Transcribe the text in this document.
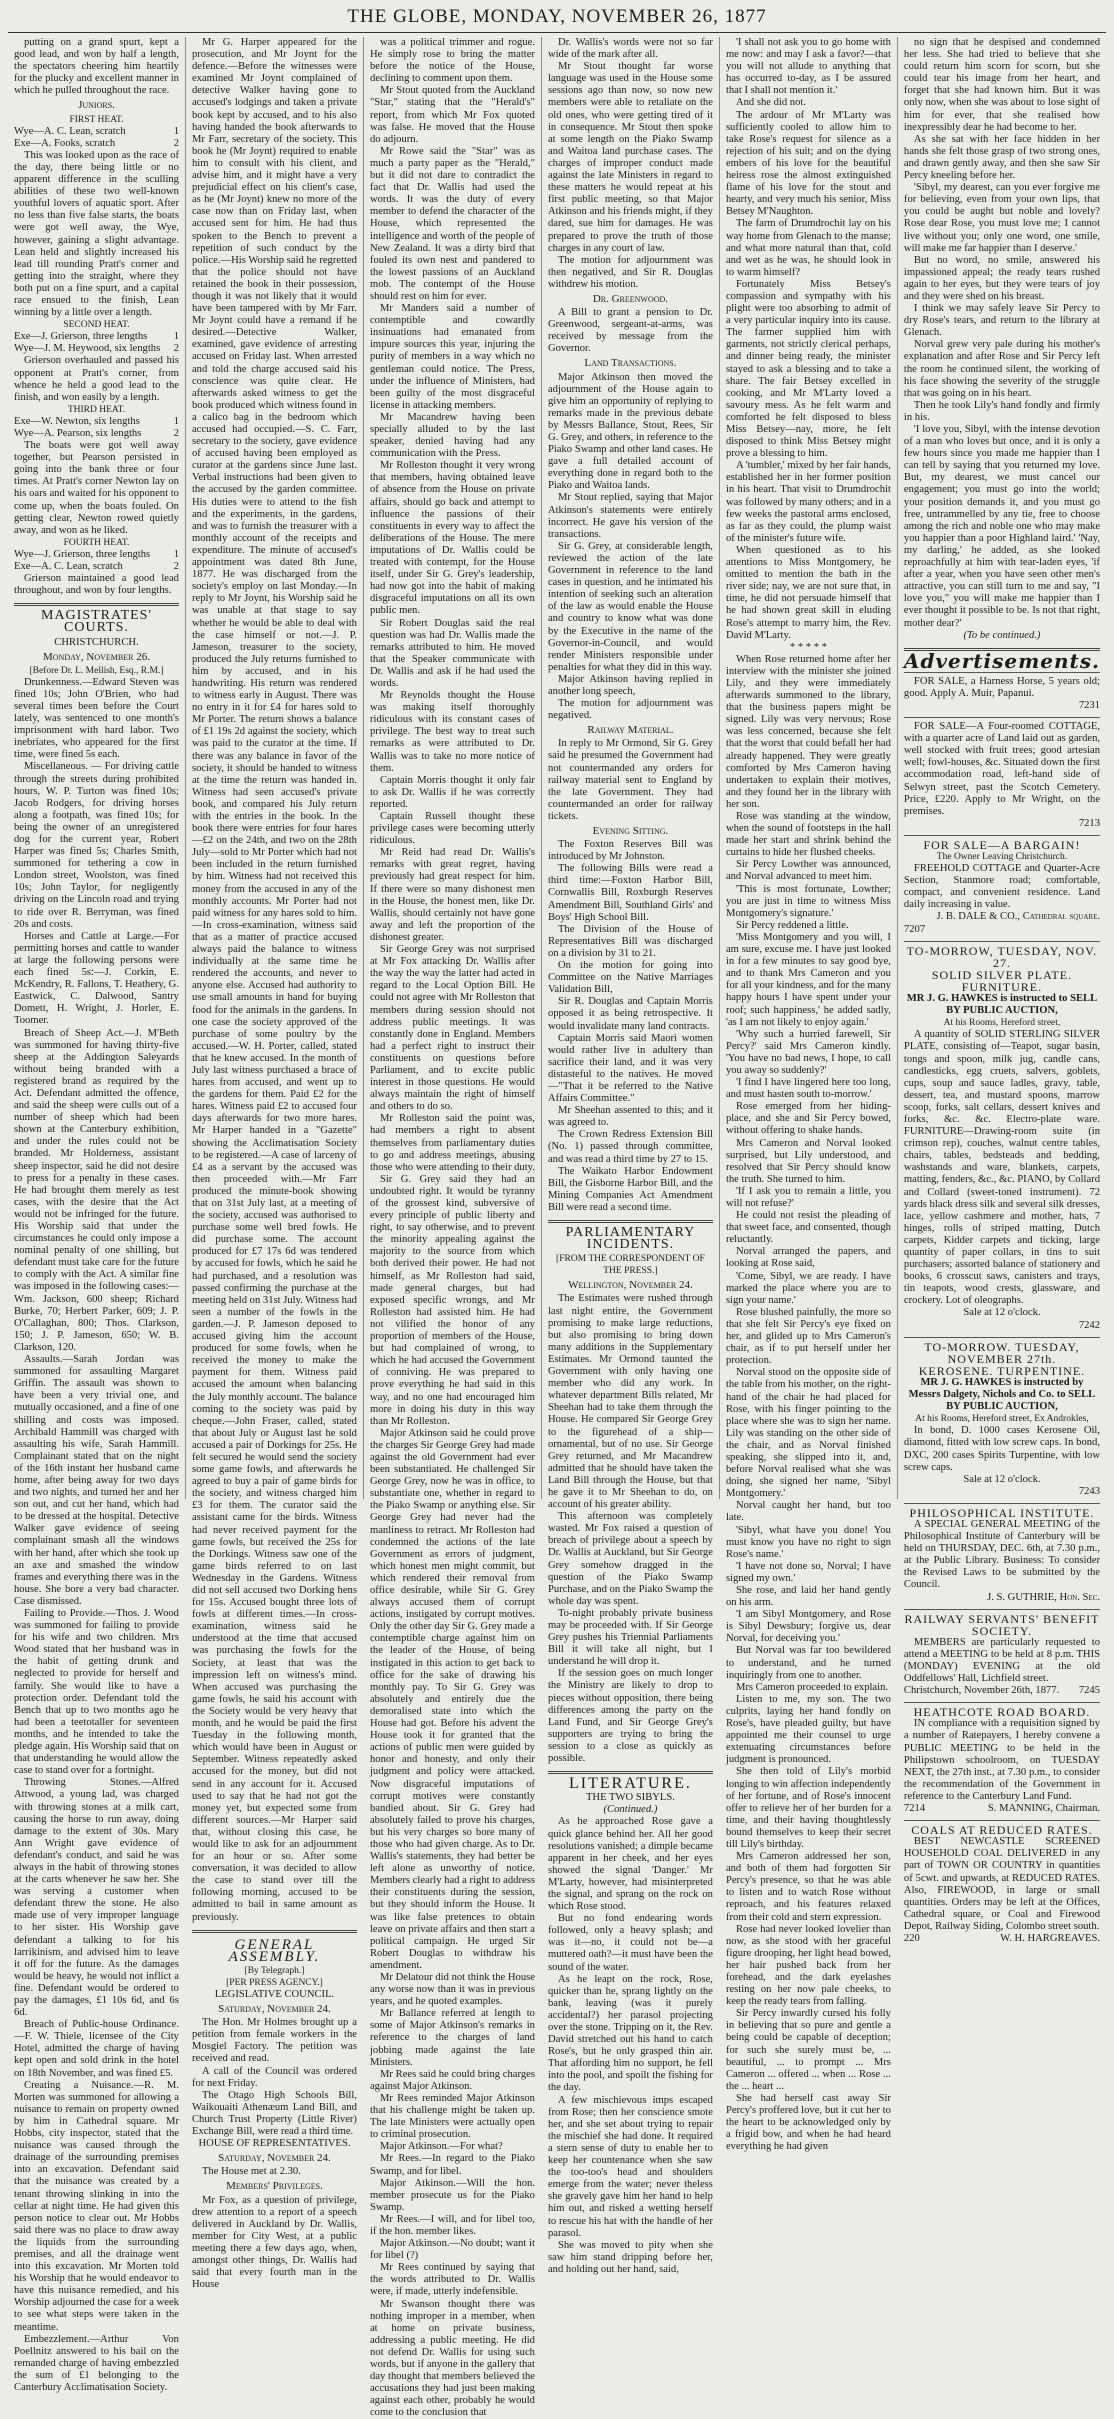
THE GLOBE, MONDAY, NOVEMBER 26, 1877

putting on a grand spurt, kept a good lead, and won by half a length, the spectators cheering him heartily for the plucky and excellent manner in which he pulled throughout the race.

Juniors.
FIRST HEAT.
Wye—A. C. Lean, scratch	1
Exe—A. Fooks, scratch	2

This was looked upon as the race of the day, there being little or no apparent difference in the sculling abilities of these two well-known youthful lovers of aquatic sport. After no less than five false starts, the boats were got well away, the Wye, however, gaining a slight advantage. Lean held and slightly increased his lead till rounding Pratt's corner and getting into the straight, where they both put on a fine spurt, and a capital race ensued to the finish, Lean winning by a little over a length.

SECOND HEAT.
Exe—J. Grierson, three lengths 1
Wye—J. M. Heywood, six lengths 2

Grierson overhauled and passed his opponent at Pratt's corner, from whence he held a good lead to the finish, and won easily by a length.

THIRD HEAT.
Exe—W. Newton, six lengths	1
Wye—A. Pearson, six lengths	2

The boats were got well away together, but Pearson persisted in going into the bank three or four times. At Pratt's corner Newton lay on his oars and waited for his opponent to come up, when the boats fouled. On getting clear, Newton rowed quietly away, and won as he liked.

FOURTH HEAT.
Wye—J. Grierson, three lengths 1
Exe—A. C. Lean, scratch	2

Grierson maintained a good lead throughout, and won by four lengths.

MAGISTRATES' COURTS.
CHRISTCHURCH.
Monday, November 26.
[Before Dr. L. Mellish, Esq., R.M.]

Drunkenness.—Edward Steven was fined 10s; John O'Brien, who had several times been before the Court lately, was sentenced to one month's imprisonment with hard labor. Two inebriates, who appeared for the first time, were fined 5s each.

Miscellaneous. — For driving cattle through the streets during prohibited hours, W. P. Turton was fined 10s; Jacob Rodgers, for driving horses along a footpath, was fined 10s; for being the owner of an unregistered dog for the current year, Robert Harper was fined 5s; Charles Smith, summoned for tethering a cow in London street, Woolston, was fined 10s; John Taylor, for negligently driving on the Lincoln road and trying to ride over R. Berryman, was fined 20s and costs.

Horses and Cattle at Large.—For permitting horses and cattle to wander at large the following persons were each fined 5s:—J. Corkin, E. McKendry, R. Fallons, T. Heathery, G. Eastwick, C. Dalwood, Santry Domett, H. Wright, J. Horler, E. Toomer.

Breach of Sheep Act.—J. M'Beth was summoned for having thirty-five sheep at the Addington Saleyards without being branded with a registered brand as required by the Act. Defendant admitted the offence, and said the sheep were culls out of a number of sheep which had been shown at the Canterbury exhibition, and under the rules could not be branded. Mr Holderness, assistant sheep inspector, said he did not desire to press for a penalty in these cases. He had brought them merely as test cases, with the desire that the Act would not be infringed for the future. His Worship said that under the circumstances he could only impose a nominal penalty of one shilling, but defendant must take care for the future to comply with the Act. A similar fine was imposed in the following cases:—Wm. Jackson, 600 sheep; Richard Burke, 70; Herbert Parker, 609; J. P. O'Callaghan, 800; Thos. Clarkson, 150; J. P. Jameson, 650; W. B. Clarkson, 120.

Assaults.—Sarah Jordan was summoned for assaulting Margaret Griffin. The assault was shown to have been a very trivial one, and mutually occasioned, and a fine of one shilling and costs was imposed. Archibald Hammill was charged with assaulting his wife, Sarah Hammill. Complainant stated that on the night of the 16th instant her husband came home, after being away for two days and two nights, and turned her and her son out, and cut her hand, which had to be dressed at the hospital. Detective Walker gave evidence of seeing complainant smash all the windows with her hand, after which she took up an axe and smashed the window frames and everything there was in the house. She bore a very bad character. Case dismissed.

Failing to Provide.—Thos. J. Wood was summoned for failing to provide for his wife and two children. Mrs Wood stated that her husband was in the habit of getting drunk and neglected to provide for herself and family. She would like to have a protection order. Defendant told the Bench that up to two months ago he had been a teetotaller for seventeen months, and he intended to take the pledge again. His Worship said that on that understanding he would allow the case to stand over for a fortnight.

Throwing Stones.—Alfred Attwood, a young lad, was charged with throwing stones at a milk cart, causing the horse to run away, doing damage to the extent of 30s. Mary Ann Wright gave evidence of defendant's conduct, and said he was always in the habit of throwing stones at the carts whenever he saw her. She was serving a customer when defendant threw the stone. He also made use of very improper language to her sister. His Worship gave defendant a talking to for his larrikinism, and advised him to leave it off for the future. As the damages would be heavy, he would not inflict a fine. Defendant would be ordered to pay the damages, £1 10s 6d, and 6s 6d.

Breach of Public-house Ordinance.—F. W. Thiele, licensee of the City Hotel, admitted the charge of having kept open and sold drink in the hotel on 18th November, and was fined £5.

Creating a Nuisance.—R. M. Morten was summoned for allowing a nuisance to remain on property owned by him in Cathedral square. Mr Hobbs, city inspector, stated that the nuisance was caused through the drainage of the surrounding premises into an excavation. Defendant said that the nuisance was created by a tenant throwing slinking in into the cellar at night time. He had given this person notice to clear out. Mr Hobbs said there was no place to draw away the liquids from the surrounding premises, and all the drainage went into this excavation. Mr Morten told his Worship that he would endeavor to have this nuisance remedied, and his Worship adjourned the case for a week to see what steps were taken in the meantime.

Embezzlement.—Arthur Von Poellnitz answered to his bail on the remanded charge of having embezzled the sum of £1 belonging to the Canterbury Acclimatisation Society.

Mr G. Harper appeared for the prosecution, and Mr Joynt for the defence.—Before the witnesses were examined Mr Joynt complained of detective Walker having gone to accused's lodgings and taken a private book kept by accused, and to his also having handed the book afterwards to Mr Farr, secretary of the society. This book he (Mr Joynt) required to enable him to consult with his client, and advise him, and it might have a very prejudicial effect on his client's case, as he (Mr Joynt) knew no more of the case now than on Friday last, when accused sent for him. He had thus spoken to the Bench to prevent a repetition of such conduct by the police.—His Worship said he regretted that the police should not have retained the book in their possession, though it was not likely that it would have been tampered with by Mr Farr. Mr Joynt could have a remand if he desired.—Detective Walker, examined, gave evidence of arresting accused on Friday last. When arrested and told the charge accused said his conscience was quite clear. He afterwards asked witness to get the book produced which witness found in a calico bag in the bedroom which accused had occupied.—S. C. Farr, secretary to the society, gave evidence of accused having been employed as curator at the gardens since June last. Verbal instructions had been given to the accused by the garden committee. His duties were to attend to the fish and the experiments, in the gardens, and was to furnish the treasurer with a monthly account of the receipts and expenditure. The minute of accused's appointment was dated 8th June, 1877. He was discharged from the society's employ on last Monday.—In reply to Mr Joynt, his Worship said he was unable at that stage to say whether he would be able to deal with the case himself or not.—J. P. Jameson, treasurer to the society, produced the July returns furnished to him by accused, and in his handwriting. His return was rendered to witness early in August. There was no entry in it for £4 for hares sold to Mr Porter. The return shows a balance of £1 19s 2d against the society, which was paid to the curator at the time. If there was any balance in favor of the society, it should be handed to witness at the time the return was handed in. Witness had seen accused's private book, and compared his July return with the entries in the book. In the book there were entries for four hares—£2 on the 24th, and two on the 28th July—sold to Mr Porter which had not been included in the return furnished by him. Witness had not received this money from the accused in any of the monthly accounts. Mr Porter had not paid witness for any hares sold to him.—In cross-examination, witness said that as a matter of practice accused always paid the balance to witness individually at the same time he rendered the accounts, and never to anyone else. Accused had authority to use small amounts in hand for buying food for the animals in the gardens. In one case the society approved of the purchase of some poultry by the accused.—W. H. Porter, called, stated that he knew accused. In the month of July last witness purchased a brace of hares from accused, and went up to the gardens for them. Paid £2 for the hares. Witness paid £2 to accused four days afterwards for two more hares. Mr Harper handed in a "Gazette" showing the Acclimatisation Society to be registered.—A case of larceny of £4 as a servant by the accused was then proceeded with.—Mr Farr produced the minute-book showing that on 31st July last, at a meeting of the society, accused was authorised to purchase some well bred fowls. He did purchase some. The account produced for £7 17s 6d was tendered by accused for fowls, which he said he had purchased, and a resolution was passed confirming the purchase at the meeting held on 31st July. Witness had seen a number of the fowls in the garden.—J. P. Jameson deposed to accused giving him the account produced for some fowls, when he received the money to make the payment for them. Witness paid accused the amount when balancing the July monthly account. The balance coming to the society was paid by cheque.—John Fraser, called, stated that about July or August last he sold accused a pair of Dorkings for 25s. He felt secured he would send the society some game fowls, and afterwards he agreed to buy a pair of game birds for the society, and witness charged him £3 for them. The curator said the assistant came for the birds. Witness had never received payment for the game fowls, but received the 25s for the Dorkings. Witness saw one of the game birds referred to on last Wednesday in the Gardens. Witness did not sell accused two Dorking hens for 15s. Accused bought three lots of fowls at different times.—In cross-examination, witness said he understood at the time that accused was purchasing the fowls for the Society, at least that was the impression left on witness's mind. When accused was purchasing the game fowls, he said his account with the Society would be very heavy that month, and he would be paid the first Tuesday in the following month, which would have been in August or September. Witness repeatedly asked accused for the money, but did not send in any account for it. Accused used to say that he had not got the money yet, but expected some from different sources.—Mr Harper said that, without closing this case, he would like to ask for an adjournment for an hour or so. After some conversation, it was decided to allow the case to stand over till the following morning, accused to be admitted to bail in same amount as previously.

GENERAL ASSEMBLY.
[By Telegraph.]
[PER PRESS AGENCY.]
LEGISLATIVE COUNCIL.
Saturday, November 24.

The Hon. Mr Holmes brought up a petition from female workers in the Mosgiel Factory. The petition was received and read.

A call of the Council was ordered for next Friday.

The Otago High Schools Bill, Waikouaiti Athenæum Land Bill, and Church Trust Property (Little River) Exchange Bill, were read a third time.

HOUSE OF REPRESENTATIVES.
Saturday, November 24.

The House met at 2.30.

Members' Privileges.

Mr Fox, as a question of privilege, drew attention to a report of a speech delivered in Auckland by Dr. Wallis, member for City West, at a public meeting there a few days ago, when, amongst other things, Dr. Wallis had said that every fourth man in the House

was a political trimmer and rogue. He simply rose to bring the matter before the notice of the House, declining to comment upon them.

Mr Stout quoted from the Auckland "Star," stating that the "Herald's" report, from which Mr Fox quoted was false. He moved that the House do adjourn.

Mr Rowe said the "Star" was as much a party paper as the "Herald," but it did not dare to contradict the fact that Dr. Wallis had used the words. It was the duty of every member to defend the character of the House, which represented the intelligence and worth of the people of New Zealand. It was a dirty bird that fouled its own nest and pandered to the lowest passions of an Auckland mob. The contempt of the House should rest on him for ever.

Mr Manders said a number of contemptible and cowardly insinuations had emanated from impure sources this year, injuring the purity of members in a way which no gentleman could notice. The Press, under the influence of Ministers, had been guilty of the most disgraceful license in attacking members.

Mr Macandrew having been specially alluded to by the last speaker, denied having had any communication with the Press.

Mr Rolleston thought it very wrong that members, having obtained leave of absence from the House on private affairs, should go back and attempt to influence the passions of their constituents in every way to affect the deliberations of the House. The mere imputations of Dr. Wallis could be treated with contempt, for the House itself, under Sir G. Grey's leadership, had now got into the habit of making disgraceful imputations on all its own public men.

Sir Robert Douglas said the real question was had Dr. Wallis made the remarks attributed to him. He moved that the Speaker communicate with Dr. Wallis and ask if he had used the words.

Mr Reynolds thought the House was making itself thoroughly ridiculous with its constant cases of privilege. The best way to treat such remarks as were attributed to Dr. Wallis was to take no more notice of them.

Captain Morris thought it only fair to ask Dr. Wallis if he was correctly reported.

Captain Russell thought these privilege cases were becoming utterly ridiculous.

Mr Reid had read Dr. Wallis's remarks with great regret, having previously had great respect for him. If there were so many dishonest men in the House, the honest men, like Dr. Wallis, should certainly not have gone away and left the proportion of the dishonest greater.

Sir George Grey was not surprised at Mr Fox attacking Dr. Wallis after the way the way the latter had acted in regard to the Local Option Bill. He could not agree with Mr Rolleston that members during session should not address public meetings. It was constantly done in England. Members had a perfect right to instruct their constituents on questions before Parliament, and to excite public interest in those questions. He would always maintain the right of himself and others to do so.

Mr Rolleston said the point was, had members a right to absent themselves from parliamentary duties to go and address meetings, abusing those who were attending to their duty.

Sir G. Grey said they had an undoubted right. It would be tyranny of the grossest kind, subversive of every principle of public liberty and right, to say otherwise, and to prevent the minority appealing against the majority to the source from which both derived their power. He had not himself, as Mr Rolleston had said, made general charges, but had exposed specific wrongs, and Mr Rolleston had assisted him. He had not vilified the honor of any proportion of members of the House, but had complained of wrong, to which he had accused the Government of conniving. He was prepared to prove everything he had said in this way, and no one had encouraged him more in doing his duty in this way than Mr Rolleston.

Major Atkinson said he could prove the charges Sir George Grey had made against the old Government had ever been substantiated. He challenged Sir George Grey, now he was in office, to substantiate one, whether in regard to the Piako Swamp or anything else. Sir George Grey had never had the manliness to retract. Mr Rolleston had condemned the actions of the late Government as errors of judgment, which honest men might commit, but which rendered their removal from office desirable, while Sir G. Grey always accused them of corrupt actions, instigated by corrupt motives. Only the other day Sir G. Grey made a contemptible charge against him on the leader of the House, of being instigated in this action to get back to office for the sake of drawing his monthly pay. To Sir G. Grey was absolutely and entirely due the demoralised state into which the House had got. Before his advent the House took it for granted that the actions of public men were guided by honor and honesty, and only their judgment and policy were attacked. Now disgraceful imputations of corrupt motives were constantly bandied about. Sir G. Grey had absolutely failed to prove his charges, but his very charges so bore many of those who had given charge. As to Dr. Wallis's statements, they had better be left alone as unworthy of notice. Members clearly had a right to address their constituents during the session, but they should inform the House. It was like false pretences to obtain leave on private affairs and then start a political campaign. He urged Sir Robert Douglas to withdraw his amendment.

Mr Delatour did not think the House any worse now than it was in previous years, and he quoted examples.

Mr Ballance referred at length to some of Major Atkinson's remarks in reference to the charges of land jobbing made against the late Ministers.

Mr Rees said he could bring charges against Major Atkinson.

Mr Rees reminded Major Atkinson that his challenge might be taken up. The late Ministers were actually open to criminal prosecution.

Major Atkinson.—For what?

Mr Rees.—In regard to the Piako Swamp, and for libel.

Major Atkinson.—Will the hon. member prosecute us for the Piako Swamp.

Mr Rees.—I will, and for libel too, if the hon. member likes.

Major Atkinson.—No doubt; want it for libel (?)

Mr Rees continued by saying that the words attributed to Dr. Wallis were, if made, utterly indefensible.

Mr Swanson thought there was nothing improper in a member, when at home on private business, addressing a public meeting. He did not defend Dr. Wallis for using such words, but if anyone in the gallery that day thought that members believed the accusations they had just been making against each other, probably he would come to the conclusion that

Dr. Wallis's words were not so far wide of the mark after all.

Mr Stout thought far worse language was used in the House some sessions ago than now, so now new members were able to retaliate on the old ones, who were getting tired of it in consequence. Mr Stout then spoke at some length on the Piako Swamp and Waitoa land purchase cases. The charges of improper conduct made against the late Ministers in regard to these matters he would repeat at his first public meeting, so that Major Atkinson and his friends might, if they dared, sue him for damages. He was prepared to prove the truth of those charges in any court of law.

The motion for adjournment was then negatived, and Sir R. Douglas withdrew his motion.

Dr. Greenwood.

A Bill to grant a pension to Dr. Greenwood, sergeant-at-arms, was received by message from the Governor.

Land Transactions.

Major Atkinson then moved the adjournment of the House again to give him an opportunity of replying to remarks made in the previous debate by Messrs Ballance, Stout, Rees, Sir G. Grey, and others, in reference to the Piako Swamp and other land cases. He gave a full detailed account of everything done in regard both to the Piako and Waitoa lands.

Mr Stout replied, saying that Major Atkinson's statements were entirely incorrect. He gave his version of the transactions.

Sir G. Grey, at considerable length, reviewed the action of the late Government in reference to the land cases in question, and he intimated his intention of seeking such an alteration of the law as would enable the House and country to know what was done by the Executive in the name of the Governor-in-Council, and would render Ministers responsible under penalties for what they did in this way.

Major Atkinson having replied in another long speech,

The motion for adjournment was negatived.

Railway Material.

In reply to Mr Ormond, Sir G. Grey said he presumed the Government had not countermanded any orders for railway material sent to England by the late Government. They had countermanded an order for railway tickets.

Evening Sitting.

The Foxton Reserves Bill was introduced by Mr Johnston.

The following Bills were read a third time:—Foxton Harbor Bill, Cornwallis Bill, Roxburgh Reserves Amendment Bill, Southland Girls' and Boys' High School Bill.

The Division of the House of Representatives Bill was discharged on a division by 31 to 21.

On the motion for going into Committee on the Native Marriages Validation Bill,

Sir R. Douglas and Captain Morris opposed it as being retrospective. It would invalidate many land contracts.

Captain Morris said Maori women would rather live in adultery than sacrifice their land, and it was very distasteful to the natives. He moved—"That it be referred to the Native Affairs Committee."

Mr Sheehan assented to this; and it was agreed to.

The Crown Redress Extension Bill (No. 1) passed through committee, and was read a third time by 27 to 15.

The Waikato Harbor Endowment Bill, the Gisborne Harbor Bill, and the Mining Companies Act Amendment Bill were read a second time.

PARLIAMENTARY INCIDENTS.
[FROM THE CORRESPONDENT OF THE PRESS.]
Wellington, November 24.

The Estimates were rushed through last night entire, the Government promising to make large reductions, but also promising to bring down many additions in the Supplementary Estimates. Mr Ormond taunted the Government with only having one member who did any work. In whatever department Bills related, Mr Sheehan had to take them through the House. He compared Sir George Grey to the figurehead of a ship—ornamental, but of no use. Sir George Grey returned, and Mr Macandrew admitted that he should have taken the Land Bill through the House, but that he gave it to Mr Sheehan to do, on account of his greater ability.

This afternoon was completely wasted. Mr Fox raised a question of breach of privilege about a speech by Dr. Wallis at Auckland, but Sir George Grey somehow dragged in the question of the Piako Swamp Purchase, and on the Piako Swamp the whole day was spent.

To-night probably private business may be proceeded with. If Sir George Grey pushes his Triennial Parliaments Bill it will take all night, but I understand he will drop it.

If the session goes on much longer the Ministry are likely to drop to pieces without opposition, there being differences among the party on the Land Fund, and Sir George Grey's supporters are trying to bring the session to a close as quickly as possible.

LITERATURE.
THE TWO SIBYLS.
(Continued.)

As he approached Rose gave a quick glance behind her. All her good resolutions vanished; a dimple became apparent in her cheek, and her eyes showed the signal 'Danger.' Mr M'Larty, however, had misinterpreted the signal, and sprang on the rock on which Rose stood.

But no fond endearing words followed, only a heavy splash; and was it—no, it could not be—a muttered oath?—it must have been the sound of the water.

As he leapt on the rock, Rose, quicker than he, sprang lightly on the bank, leaving (was it purely accidental?) her parasol projecting over the stone. Tripping on it, the Rev. David stretched out his hand to catch Rose's, but he only grasped thin air. That affording him no support, he fell into the pool, and spoilt the fishing for the day.

A few mischievous imps escaped from Rose; then her conscience smote her, and she set about trying to repair the mischief she had done. It required a stern sense of duty to enable her to keep her countenance when she saw the too-too's head and shoulders emerge from the water; never theless she gravely gave him her hand to help him out, and risked a wetting herself to rescue his hat with the handle of her parasol.

She was moved to pity when she saw him stand dripping before her, and holding out her hand, said,

'I shall not ask you to go home with me now: and may I ask a favor?—that you will not allude to anything that has occurred to-day, as I be assured that I shall not mention it.'

And she did not.

The ardour of Mr M'Larty was sufficiently cooled to allow him to take Rose's request for silence as a rejection of his suit; and on the dying embers of his love for the beautiful heiress rose the almost extinguished flame of his love for the stout and hearty, and very much his senior, Miss Betsey M'Naughton.

The farm of Drumdrochit lay on his way home from Glenach to the manse; and what more natural than that, cold and wet as he was, he should look in to warm himself?

Fortunately Miss Betsey's compassion and sympathy with his plight were too absorbing to admit of a very particular inquiry into its cause. The farmer supplied him with garments, not strictly clerical perhaps, and dinner being ready, the minister stayed to ask a blessing and to take a share. The fair Betsey excelled in cooking, and Mr M'Larty loved a savoury mess. As he felt warm and comforted he felt disposed to bless Miss Betsey—nay, more, he felt disposed to think Miss Betsey might prove a blessing to him.

A 'tumbler,' mixed by her fair hands, established her in her former position in his heart. That visit to Drumdrochit was followed by many others; and in a few weeks the pastoral arms enclosed, as far as they could, the plump waist of the minister's future wife.

When questioned as to his attentions to Miss Montgomery, he omitted to mention the bath in the river side; nay, we are not sure that, in time, he did not persuade himself that he had shown great skill in eluding Rose's attempt to marry him, the Rev. David M'Larty.

* * * * *

When Rose returned home after her interview with the minister she joined Lily, and they were immediately afterwards summoned to the library, that the business papers might be signed. Lily was very nervous; Rose was less concerned, because she felt that the worst that could befall her had already happened. They were greatly comforted by Mrs Cameron having undertaken to explain their motives, and they found her in the library with her son.

Rose was standing at the window, when the sound of footsteps in the hall made her start and shrink behind the curtains to hide her flushed cheeks.

Sir Percy Lowther was announced, and Norval advanced to meet him.

'This is most fortunate, Lowther; you are just in time to witness Miss Montgomery's signature.'

Sir Percy reddened a little.

'Miss Montgomery and you will, I am sure, excuse me. I have just looked in for a few minutes to say good bye, and to thank Mrs Cameron and you for all your kindness, and for the many happy hours I have spent under your roof; such happiness,' he added sadly, 'as I am not likely to enjoy again.'

'Why such a hurried farewell, Sir Percy?' said Mrs Cameron kindly. 'You have no bad news, I hope, to call you away so suddenly?'

'I find I have lingered here too long, and must hasten south to-morrow.'

Rose emerged from her hiding-place, and she and Sir Percy bowed, without offering to shake hands.

Mrs Cameron and Norval looked surprised, but Lily understood, and resolved that Sir Percy should know the truth. She turned to him.

'If I ask you to remain a little, you will not refuse?'

He could not resist the pleading of that sweet face, and consented, though reluctantly.

Norval arranged the papers, and looking at Rose said,

'Come, Sibyl, we are ready. I have marked the place where you are to sign your name.'

Rose blushed painfully, the more so that she felt Sir Percy's eye fixed on her, and glided up to Mrs Cameron's chair, as if to put herself under her protection.

Norval stood on the opposite side of the table from his mother, on the right-hand of the chair he had placed for Rose, with his finger pointing to the place where she was to sign her name. Lily was standing on the other side of the chair, and as Norval finished speaking, she slipped into it, and, before Norval realised what she was doing, she signed her name, 'Sibyl Montgomery.'

Norval caught her hand, but too late.

'Sibyl, what have you done! You must know you have no right to sign Rose's name.'

'I have not done so, Norval; I have signed my own.'

She rose, and laid her hand gently on his arm.

'I am Sibyl Montgomery, and Rose is Sibyl Dewsbury; forgive us, dear Norval, for deceiving you.'

But Norval was far too bewildered to understand, and he turned inquiringly from one to another.

Mrs Cameron proceeded to explain.

Listen to me, my son. The two culprits, laying her hand fondly on Rose's, have pleaded guilty, but have appointed me their counsel to urge extenuating circumstances before judgment is pronounced.

She then told of Lily's morbid longing to win affection independently of her fortune, and of Rose's innocent offer to relieve her of her burden for a time, and their having thoughtlessly bound themselves to keep their secret till Lily's birthday.

Mrs Cameron addressed her son, and both of them had forgotten Sir Percy's presence, so that he was able to listen and to watch Rose without reproach, and his features relaxed from their cold and stern expression.

Rose had never looked lovelier than now, as she stood with her graceful figure drooping, her light head bowed, her hair pushed back from her forehead, and the dark eyelashes resting on her now pale cheeks, to keep the ready tears from falling.

Sir Percy inwardly cursed his folly in believing that so pure and gentle a being could be capable of deception; for such she surely must be, ... beautiful, ... to prompt ... Mrs Cameron ... offered ... when ... Rose ... the ... heart ...

She had herself cast away Sir Percy's proffered love, but it cut her to the heart to be acknowledged only by a frigid bow, and when he had heard everything he had given

no sign that he despised and condemned her less. She had tried to believe that she could return him scorn for scorn, but she could tear his image from her heart, and forget that she had known him. But it was only now, when she was about to lose sight of him for ever, that she realised how inexpressibly dear he had become to her.

As she sat with her face hidden in her hands she felt those grasp of two strong ones, and drawn gently away, and then she saw Sir Percy kneeling before her.

'Sibyl, my dearest, can you ever forgive me for believing, even from your own lips, that you could be aught but noble and lovely? Rose dear Rose, you must love me; I cannot live without you; only one word, one smile, will make me far happier than I deserve.'

But no word, no smile, answered his impassioned appeal; the ready tears rushed again to her eyes, but they were tears of joy and they were shed on his breast.

I think we may safely leave Sir Percy to dry Rose's tears, and return to the library at Glenach.

Norval grew very pale during his mother's explanation and after Rose and Sir Percy left the room he continued silent, the working of his face showing the severity of the struggle that was going on in his heart.

Then he took Lily's hand fondly and firmly in his.

'I love you, Sibyl, with the intense devotion of a man who loves but once, and it is only a few hours since you made me happier than I can tell by saying that you returned my love. But, my dearest, we must cancel our engagement; you must go into the world; your position demands it, and you must go free, untrammelled by any tie, free to choose among the rich and noble one who may make you happier than a poor Highland laird.' 'Nay, my darling,' he added, as she looked reproachfully at him with tear-laden eyes, 'if after a year, when you have seen other men's attractive, you can still turn to me and say, "I love you," you will make me happier than I ever thought it possible to be. Is not that right, mother dear?'

(To be continued.)
Advertisements.

FOR SALE, a Harness Horse, 5 years old; good. Apply A. Muir, Papanui.

7231

FOR SALE—A Four-roomed COTTAGE, with a quarter acre of Land laid out as garden, well stocked with fruit trees; good artesian well; fowl-houses, &c. Situated down the first accommodation road, left-hand side of Selwyn street, past the Scotch Cemetery. Price, £220. Apply to Mr Wright, on the premises.

7213
FOR SALE—A BARGAIN!
The Owner Leaving Christchurch.

FREEHOLD COTTAGE and Quarter-Acre Section, Stanmore road; comfortable, compact, and convenient residence. Land daily increasing in value.

J. B. DALE & CO., Cathedral square.
7207
TO-MORROW, TUESDAY, NOV. 27.
SOLID SILVER PLATE. FURNITURE.
MR J. G. HAWKES is instructed to SELL BY PUBLIC AUCTION,
At his Rooms, Hereford street,

A quantity of SOLID STERLING SILVER PLATE, consisting of—Teapot, sugar basin, tongs and spoon, milk jug, candle cans, candlesticks, egg cruets, salvers, goblets, cups, soup and sauce ladles, gravy, table, dessert, tea, and mustard spoons, marrow scoop, forks, salt cellars, dessert knives and forks, &c. &c. Electro-plate ware. FURNITURE—Drawing-room suite (in crimson rep), couches, walnut centre tables, chairs, tables, bedsteads and bedding, washstands and ware, blankets, carpets, matting, fenders, &c., &c. PIANO, by Collard and Collard (sweet-toned instrument). 72 yards black dress silk and several silk dresses, lace, yellow cashmere and mother, hats, 7 hinges, rolls of striped matting, Dutch carpets, Kidder carpets and ticking, large quantity of paper collars, in tins to suit purchasers; assorted balance of stationery and books, 6 crosscut saws, canisters and trays, tin teapots, wood crests, glassware, and crockery. Lot of oleographs.

Sale at 12 o'clock.
7242
TO-MORROW. TUESDAY, NOVEMBER 27th.
KEROSENE. TURPENTINE.
MR J. G. HAWKES is instructed by Messrs Dalgety, Nichols and Co. to SELL BY PUBLIC AUCTION,
At his Rooms, Hereford street, Ex Androkles,

In bond, D. 1000 cases Kerosene Oil, diamond, fitted with low screw caps. In bond, DXC, 200 cases Spirits Turpentine, with low screw caps.

Sale at 12 o'clock.
7243
PHILOSOPHICAL INSTITUTE.

A SPECIAL GENERAL MEETING of the Philosophical Institute of Canterbury will be held on THURSDAY, DEC. 6th, at 7.30 p.m., at the Public Library. Business: To consider the Revised Laws to be submitted by the Council.

J. S. GUTHRIE, Hon. Sec.
RAILWAY SERVANTS' BENEFIT SOCIETY.

MEMBERS are particularly requested to attend a MEETING to be held at 8 p.m. THIS (MONDAY) EVENING at the old Oddfellows' Hall, Lichfield street.

Christchurch, November 26th, 1877. 7245
HEATHCOTE ROAD BOARD.

IN compliance with a requisition signed by a number of Ratepayers, I hereby convene a PUBLIC MEETING to be held in the Philipstown schoolroom, on TUESDAY NEXT, the 27th inst., at 7.30 p.m., to consider the recommendation of the Government in reference to the Canterbury Land Fund.

7214	S. MANNING, Chairman.
COALS AT REDUCED RATES.

BEST NEWCASTLE SCREENED HOUSEHOLD COAL DELIVERED in any part of TOWN OR COUNTRY in quantities of 5cwt. and upwards, at REDUCED RATES. Also, FIREWOOD, in large or small quantities. Orders may be left at the Offices, Cathedral square, or Coal and Firewood Depot, Railway Siding, Colombo street south.

220	W. H. HARGREAVES.
